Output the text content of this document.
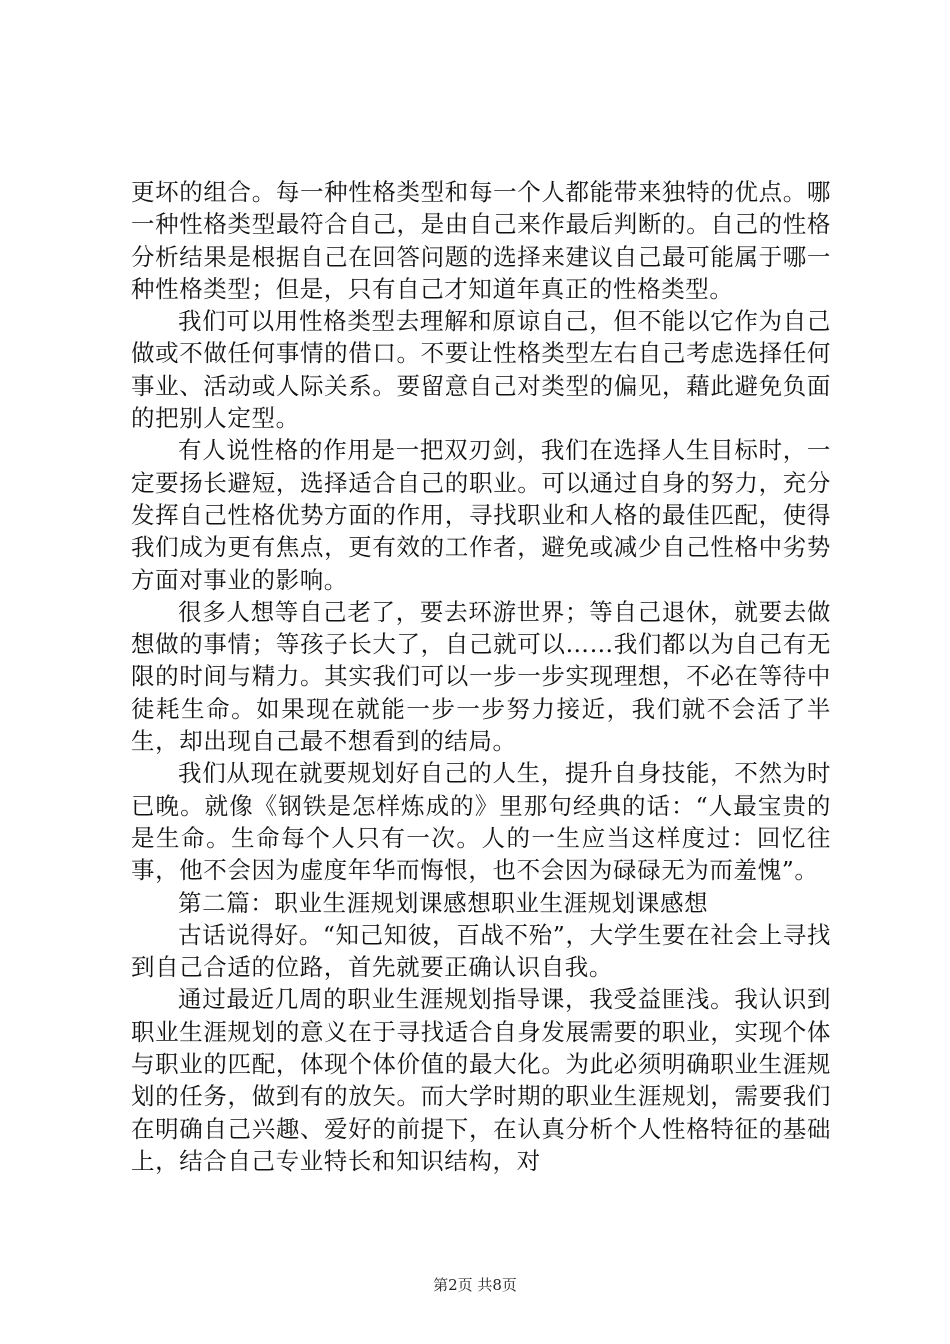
更坏的组合。每一种性格类型和每一个人都能带来独特的优点。哪一种性格类型最符合自己，是由自己来作最后判断的。自己的性格分析结果是根据自己在回答问题的选择来建议自己最可能属于哪一种性格类型；但是，只有自己才知道年真正的性格类型。

我们可以用性格类型去理解和原谅自己，但不能以它作为自己做或不做任何事情的借口。不要让性格类型左右自己考虑选择任何事业、活动或人际关系。要留意自己对类型的偏见，藉此避免负面的把别人定型。

有人说性格的作用是一把双刃剑，我们在选择人生目标时，一定要扬长避短，选择适合自己的职业。可以通过自身的努力，充分发挥自己性格优势方面的作用，寻找职业和人格的最佳匹配，使得我们成为更有焦点，更有效的工作者，避免或减少自己性格中劣势方面对事业的影响。

很多人想等自己老了，要去环游世界；等自己退休，就要去做想做的事情；等孩子长大了，自己就可以……我们都以为自己有无限的时间与精力。其实我们可以一步一步实现理想，不必在等待中徒耗生命。如果现在就能一步一步努力接近，我们就不会活了半生，却出现自己最不想看到的结局。

我们从现在就要规划好自己的人生，提升自身技能，不然为时已晚。就像《钢铁是怎样炼成的》里那句经典的话：“人最宝贵的是生命。生命每个人只有一次。人的一生应当这样度过：回忆往事，他不会因为虚度年华而悔恨，也不会因为碌碌无为而羞愧”。

第二篇：职业生涯规划课感想职业生涯规划课感想

古话说得好。“知己知彼，百战不殆”，大学生要在社会上寻找到自己合适的位路，首先就要正确认识自我。

通过最近几周的职业生涯规划指导课，我受益匪浅。我认识到职业生涯规划的意义在于寻找适合自身发展需要的职业，实现个体与职业的匹配，体现个体价值的最大化。为此必须明确职业生涯规划的任务，做到有的放矢。而大学时期的职业生涯规划，需要我们在明确自己兴趣、爱好的前提下，在认真分析个人性格特征的基础上，结合自己专业特长和知识结构，对

第2页 共8页
